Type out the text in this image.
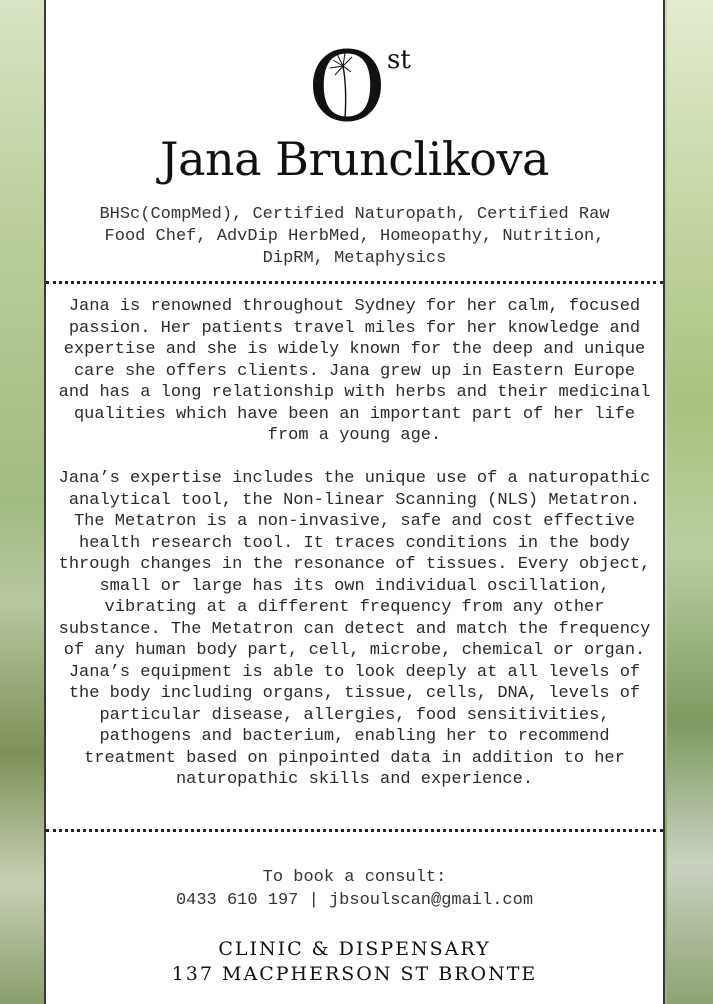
O st
Jana Brunclikova
BHSc(CompMed), Certified Naturopath, Certified Raw Food Chef, AdvDip HerbMed, Homeopathy, Nutrition, DipRM, Metaphysics

Jana is renowned throughout Sydney for her calm, focused passion. Her patients travel miles for her knowledge and expertise and she is widely known for the deep and unique care she offers clients. Jana grew up in Eastern Europe and has a long relationship with herbs and their medicinal qualities which have been an important part of her life from a young age.

Jana’s expertise includes the unique use of a naturopathic analytical tool, the Non-linear Scanning (NLS) Metatron. The Metatron is a non-invasive, safe and cost effective health research tool. It traces conditions in the body through changes in the resonance of tissues. Every object, small or large has its own individual oscillation, vibrating at a different frequency from any other substance. The Metatron can detect and match the frequency of any human body part, cell, microbe, chemical or organ. Jana’s equipment is able to look deeply at all levels of the body including organs, tissue, cells, DNA, levels of particular disease, allergies, food sensitivities, pathogens and bacterium, enabling her to recommend treatment based on pinpointed data in addition to her naturopathic skills and experience.

To book a consult:
0433 610 197 | jbsoulscan@gmail.com
CLINIC & DISPENSARY
137 MACPHERSON ST BRONTE
